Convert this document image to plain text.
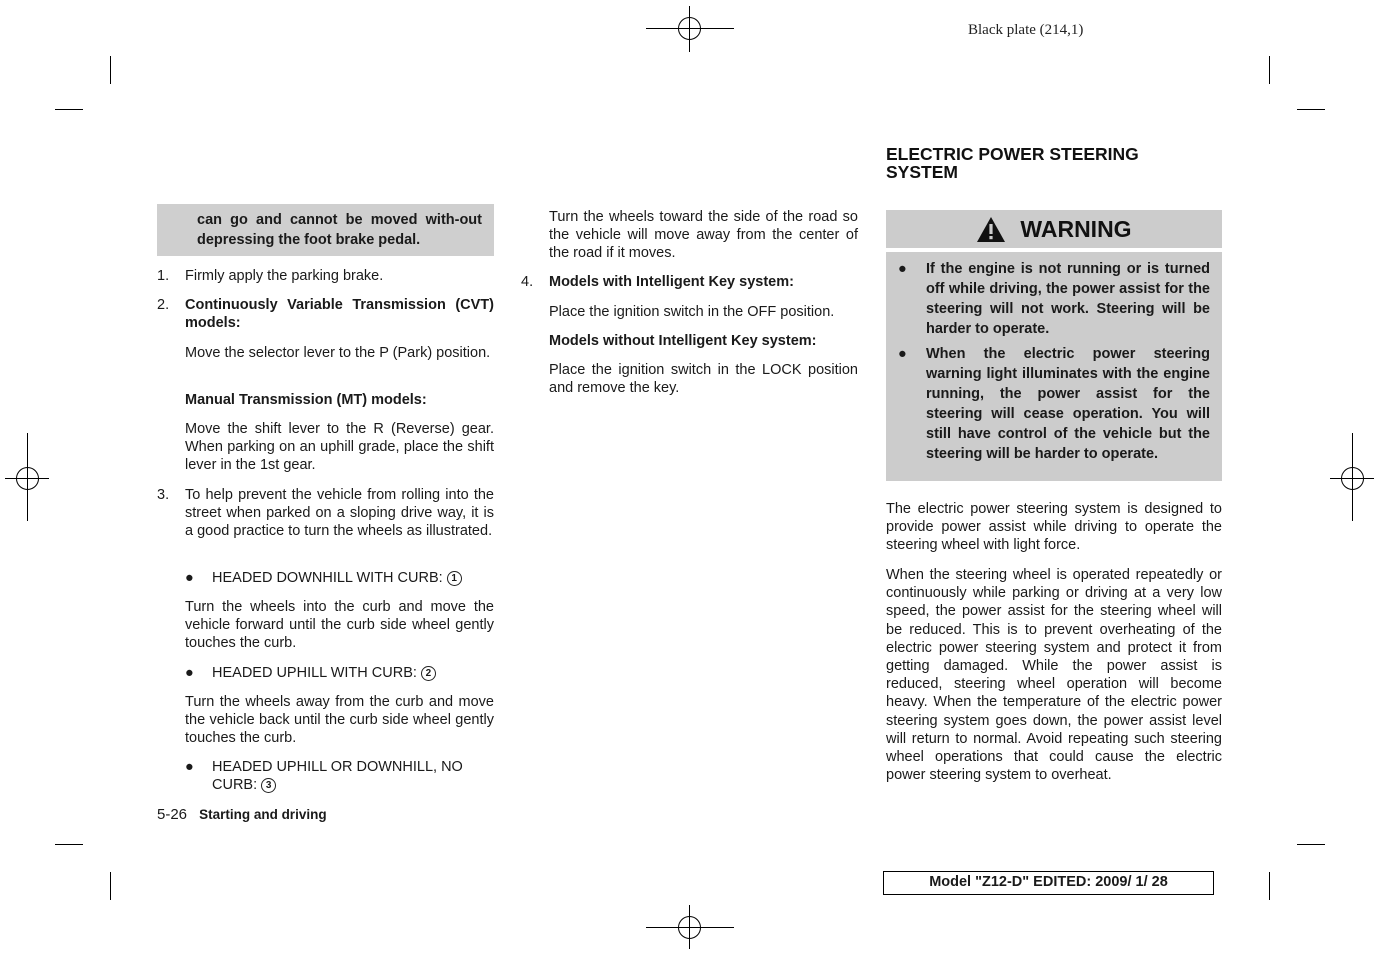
Black plate (214,1)
can go and cannot be moved with-out depressing the foot brake pedal.
1. Firmly apply the parking brake.
2. Continuously Variable Transmission (CVT) models:
Move the selector lever to the P (Park) position.
Manual Transmission (MT) models:
Move the shift lever to the R (Reverse) gear. When parking on an uphill grade, place the shift lever in the 1st gear.
3. To help prevent the vehicle from rolling into the street when parked on a sloping drive way, it is a good practice to turn the wheels as illustrated.
● HEADED DOWNHILL WITH CURB: 1
Turn the wheels into the curb and move the vehicle forward until the curb side wheel gently touches the curb.
● HEADED UPHILL WITH CURB: 2
Turn the wheels away from the curb and move the vehicle back until the curb side wheel gently touches the curb.
● HEADED UPHILL OR DOWNHILL, NO
CURB: 3
5-26 Starting and driving
Turn the wheels toward the side of the road so the vehicle will move away from the center of the road if it moves.
4. Models with Intelligent Key system:
Place the ignition switch in the OFF position.
Models without Intelligent Key system:
Place the ignition switch in the LOCK position and remove the key.
ELECTRIC POWER STEERING SYSTEM
WARNING
● If the engine is not running or is turned off while driving, the power assist for the steering will not work. Steering will be harder to operate.
● When the electric power steering warning light illuminates with the engine running, the power assist for the steering will cease operation. You will still have control of the vehicle but the steering will be harder to operate.
The electric power steering system is designed to provide power assist while driving to operate the steering wheel with light force.
When the steering wheel is operated repeatedly or continuously while parking or driving at a very low speed, the power assist for the steering wheel will be reduced. This is to prevent overheating of the electric power steering system and protect it from getting damaged. While the power assist is reduced, steering wheel operation will become heavy. When the temperature of the electric power steering system goes down, the power assist level will return to normal. Avoid repeating such steering wheel operations that could cause the electric power steering system to overheat.
Model "Z12-D" EDITED: 2009/ 1/ 28
